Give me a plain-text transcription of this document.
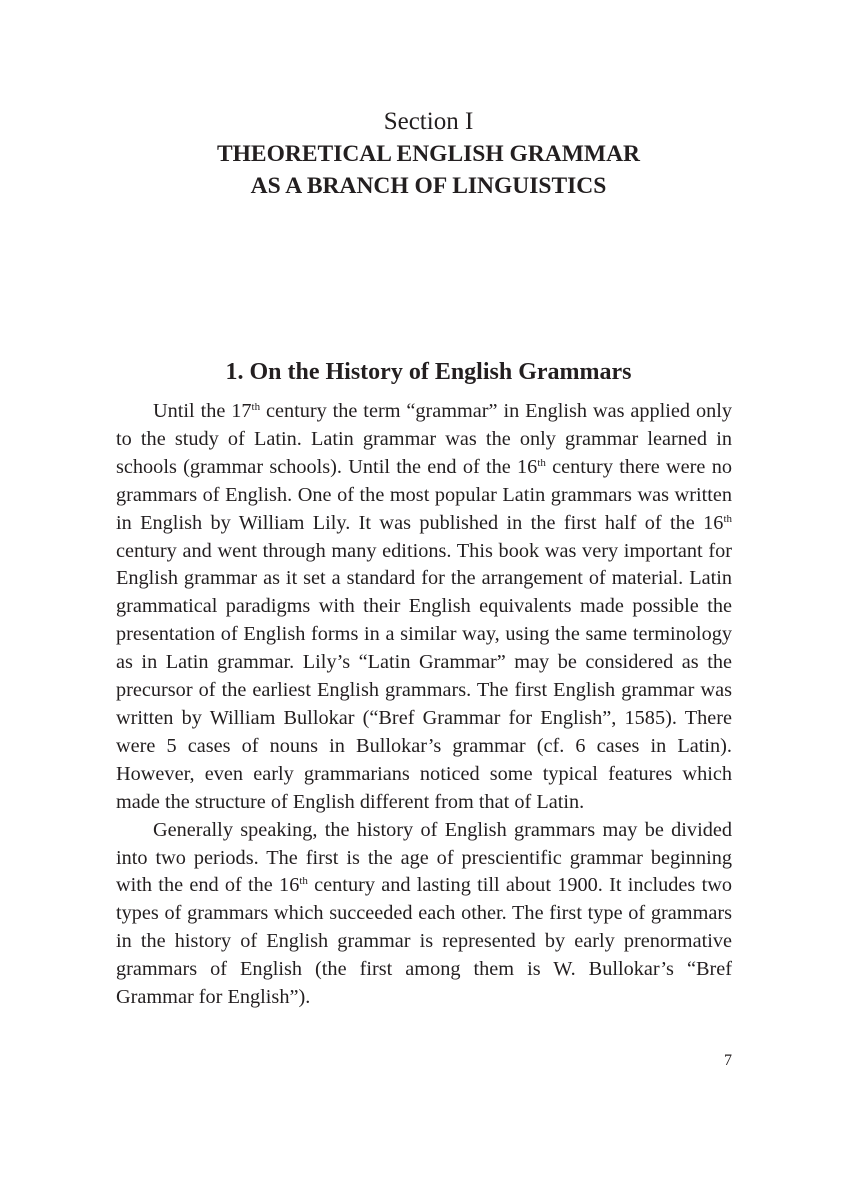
Section I
THEORETICAL ENGLISH GRAMMAR
AS A BRANCH OF LINGUISTICS
1. On the History of English Grammars

Until the 17th century the term “grammar” in English was applied only to the study of Latin. Latin grammar was the only grammar learned in schools (grammar schools). Until the end of the 16th century there were no grammars of English. One of the most popular Latin grammars was written in English by William Lily. It was published in the first half of the 16th century and went through many editions. This book was very important for English grammar as it set a standard for the arrangement of material. Latin grammatical paradigms with their English equivalents made possible the presentation of English forms in a similar way, using the same terminology as in Latin grammar. Lily’s “Latin Grammar” may be considered as the precursor of the earliest English grammars. The first English grammar was written by William Bullokar (“Bref Grammar for English”, 1585). There were 5 cases of nouns in Bullokar’s grammar (cf. 6 cases in Latin). However, even early grammarians noticed some typical features which made the structure of English different from that of Latin.

Generally speaking, the history of English grammars may be divided into two periods. The first is the age of prescientific grammar beginning with the end of the 16th century and lasting till about 1900. It includes two types of grammars which succeeded each other. The first type of grammars in the history of English grammar is represented by early prenormative grammars of English (the first among them is W. Bullokar’s “Bref Grammar for English”).

7
